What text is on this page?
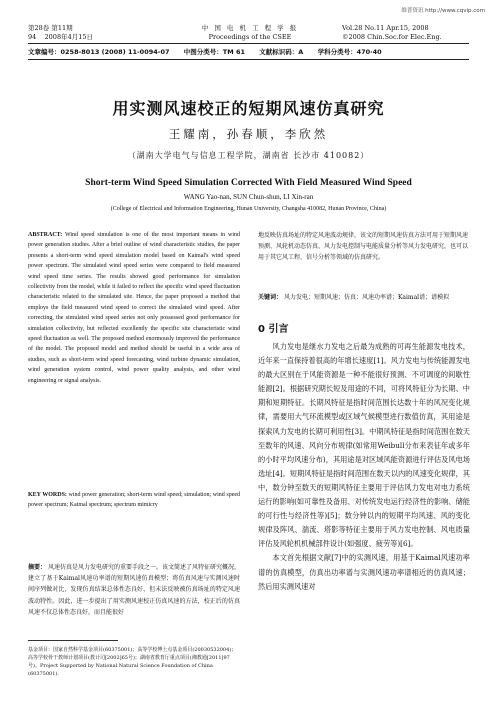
维普资讯 http://www.cqvip.com
第28卷 第11期
94    2008年4月15日
中 国 电 机 工 程 学 报
Proceedings of the CSEE
Vol.28 No.11 Apr.15, 2008
©2008 Chin.Soc.for Elec.Eng.
文章编号：0258-8013 (2008) 11-0094-07 中图分类号：TM 61 文献标识码：A 学科分类号：470·40
用实测风速校正的短期风速仿真研究
王耀南，孙春顺，李欣然
（湖南大学电气与信息工程学院，湖南省 长沙市 410082）
Short-term Wind Speed Simulation Corrected With Field Measured Wind Speed
WANG Yao-nan, SUN Chun-shun, LI Xin-ran
(College of Electrical and Information Engineering, Hunan University, Changsha 410082, Hunan Province, China)
ABSTRACT: Wind speed simulation is one of the most important means in wind power generation studies. After a brief outline of wind characteristic studies, the paper presents a short-term wind speed simulation model based on Kaimal's wind speed power spectrum. The simulated wind speed series were compared to field measured wind speed time series. The results showed good performance for simulation collectivity from the model, while it failed to reflect the specific wind speed fluctuation characteristic related to the simulated site. Hence, the paper proposed a method that employs the field measured wind speed to correct the simulated wind speed. After correcting, the simulated wind speed series not only possessed good performance for simulation collectivity, but reflected excellently the specific site characteristic wind speed fluctuation as well. The proposed method enormously improved the performance of the model. The proposed model and method should be useful in a wide area of studies, such as short-term wind speed forecasting, wind turbine dynamic simulation, wind generation system control, wind power quality analysis, and other wind engineering or signal analysis.
KEY WORDS: wind power generation; short-term wind speed; simulation; wind speed power spectrum; Kaimal spectrum; spectrum mimicry
摘要： 风速仿真是风力发电研究的重要手段之一。该文简述了风特征研究概况，建立了基于Kaimal风速功率谱的短期风速仿真模型；将仿真风速与实测风速时间序列做对比，发现仿真结果总体性态良好，但未法反映被仿真场址的特定风速波动特性。因此，进一步提出了用实测风速校正仿真风速的方法，校正后的仿真风速不仅总体性态良好，而且能很好
基金项目：国家自然科学基金项目(60375001)；高等学校博士点基金项目(20030532004)；高等学校骨干教师计划项目(教计司[2002]65号)；湖南省教育厅重点项目(湘教通[2011]97号)。Project Supported by National Natural Science Foundation of China (60375001).
关键词： 风力发电；短期风速；仿真；风速功率谱；Kaimal谱；谱模拟
0 引言

风力发电是继水力发电之后最为成熟的可再生能源发电技术，近年来一直保持着很高的年增长速度[1]。风力发电与传统能源发电的最大区别在于风能资源是一种不能很好预测、不可调度的间歇性能源[2]。根据研究期长短及用途的不同，可将风特征分为长期、中期和短期特征。长期风特征是指时间范围长达数十年的风况变化规律，需要用大气环流模型或区域气候模型进行数值仿真，其用途是探索风力发电的长期可利用性[3]。中期风特征是指时间范围在数天至数年的风速、风向分布规律(如常用Weibull分布来表征年或多年的小时平均风速分布)，其用途是对区域风能资源进行评估及风电场选址[4]。短期风特征是指时间范围在数天以内的风速变化规律，其中，数分钟至数天的短期风特征主要用于评估风力发电对电力系统运行的影响(如可靠性及备用、对传统发电运行经济性的影响、储能的可行性与经济性等)[5]；数分钟以内的短期平均风速、风的变化规律及阵风、湍流、塔影等特征主要用于风力发电控制、风电质量评估及风轮机机械部件设计(如强度、疲劳等)[6]。

本文首先根据文献[7]中的实测风速，用基于Kaimal风速功率谱的仿真模型，仿真出功率谱与实测风速功率谱相近的仿真风速；然后用实测风速对

地反映仿真场址的特定风速波动规律，该文的短期风速仿真方法可用于短期风速预测、风轮机动态仿真、风力发电控制与电能质量分析等风力发电研究，也可以用于其它风工程、信号分析等领域的仿真研究。
